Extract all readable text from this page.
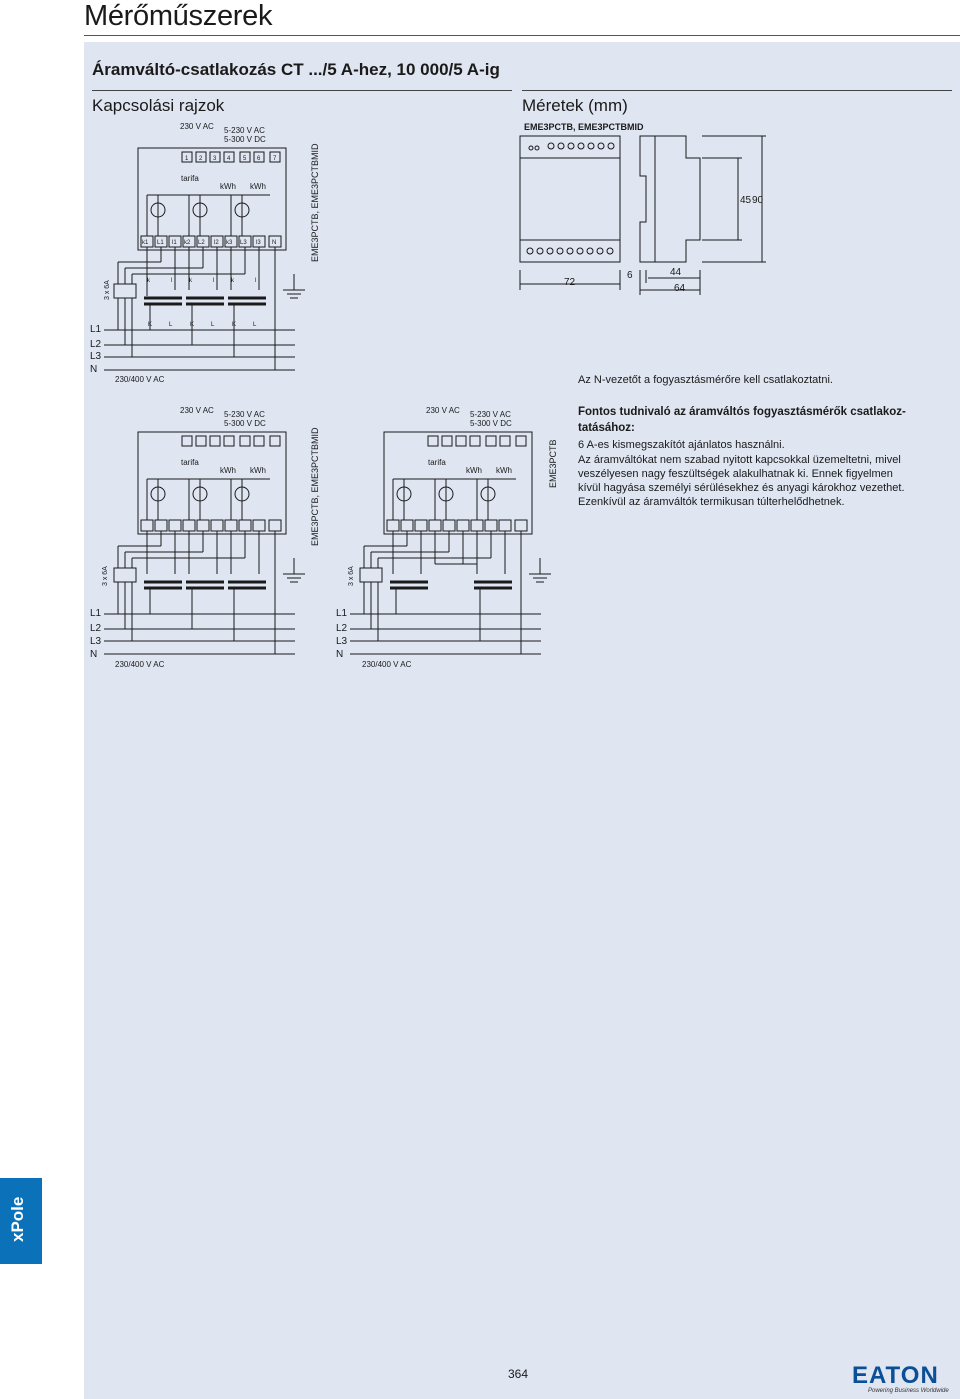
Mérőműszerek
Áramváltó-csatlakozás CT .../5 A-hez, 10 000/5 A-ig
Kapcsolási rajzok	Méretek (mm)
230 V AC 5-230 V AC
5-300 V DC
tarifa
kWh kWh
1 2 3 4 5 6 7
k1 L1 l1 k2 L2 l2 k3 L3 l3 N
k	l	k	l	k	l
K	L	K	L	K	L
3 x 6A
EME3PCTB, EME3PCTBMID
L1
L2
L3
N
230/400 V AC
EME3PCTB, EME3PCTBMID
72
6	44
64
45 90
Az N-vezetőt a fogyasztásmérőre kell csatlakoztatni.
230 V AC 5-230 V AC
5-300 V DC
tarifa
kWh kWh
3 x 6A
EME3PCTB, EME3PCTBMID
L1
L2
L3
N
230/400 V AC
230 V AC 5-230 V AC
5-300 V DC
tarifa
kWh kWh
3 x 6A
EME3PCTB
L1
L2
L3
N
230/400 V AC
Fontos tudnivaló az áramváltós fogyasztásmérők csatlakoz-tatásához:
6 A-es kismegszakítót ajánlatos használni.
Az áramváltókat nem szabad nyitott kapcsokkal üzemeltetni, mivel
veszélyesen nagy feszültségek alakulhatnak ki. Ennek figyelmen
kívül hagyása személyi sérülésekhez és anyagi károkhoz vezethet.
Ezenkívül az áramváltók termikusan túlterhelődhetnek.
xPole
364	EATON
Powering Business Worldwide
